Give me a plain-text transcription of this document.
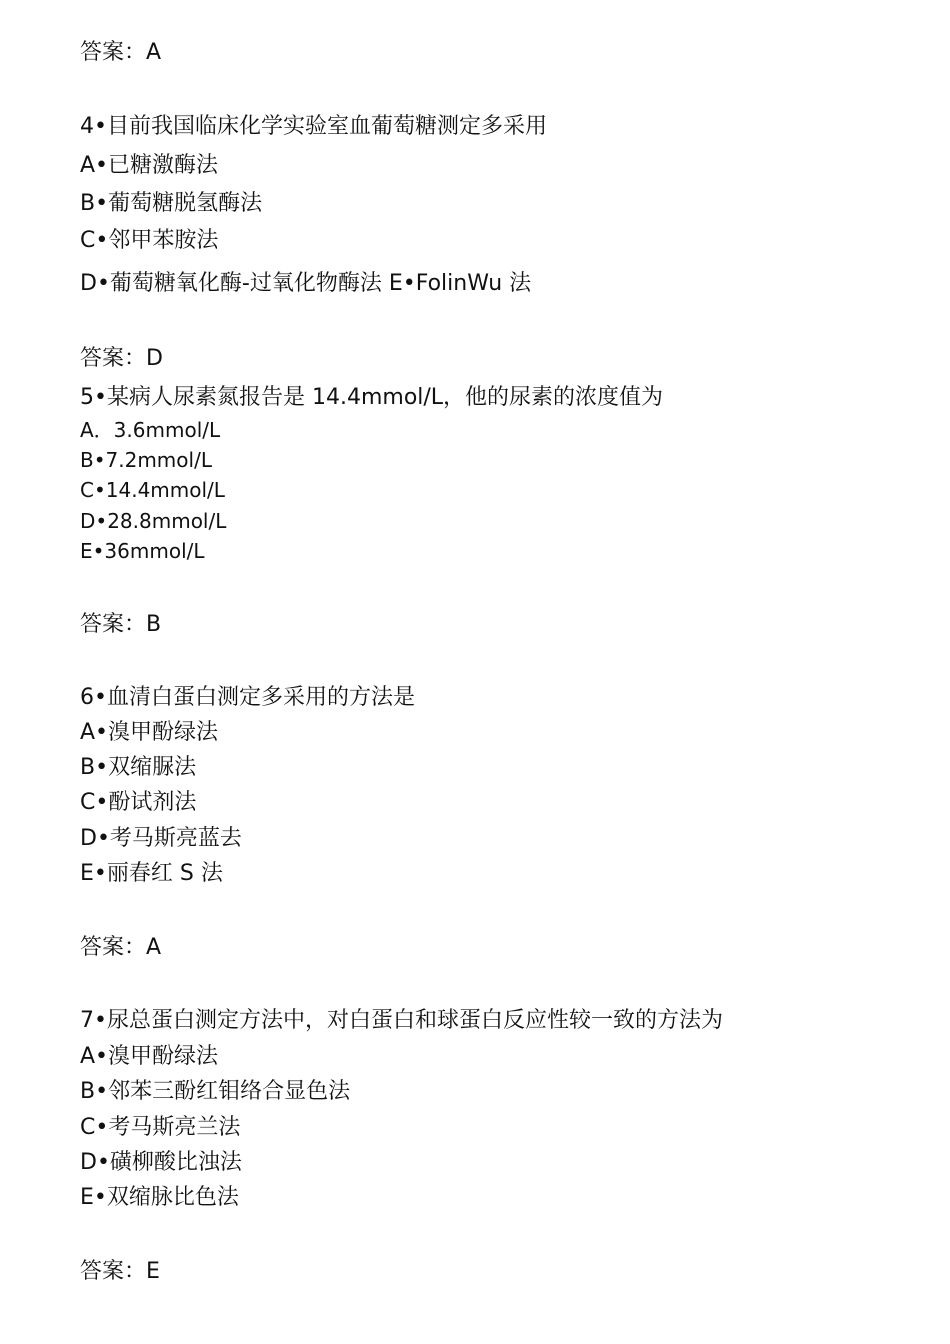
答案：A
4•目前我国临床化学实验室血葡萄糖测定多采用
A•已糖激酶法
B•葡萄糖脱氢酶法
C•邻甲苯胺法
D•葡萄糖氧化酶-过氧化物酶法 E•FolinWu 法
答案：D
5•某病人尿素氮报告是 14.4mmol/L，他的尿素的浓度值为
A．3.6mmol/L
B•7.2mmol/L
C•14.4mmol/L
D•28.8mmol/L
E•36mmol/L
答案：B
6•血清白蛋白测定多采用的方法是
A•溴甲酚绿法
B•双缩脲法
C•酚试剂法
D•考马斯亮蓝去
E•丽春红 S 法
答案：A
7•尿总蛋白测定方法中，对白蛋白和球蛋白反应性较一致的方法为
A•溴甲酚绿法
B•邻苯三酚红钼络合显色法
C•考马斯亮兰法
D•磺柳酸比浊法
E•双缩脉比色法
答案：E
